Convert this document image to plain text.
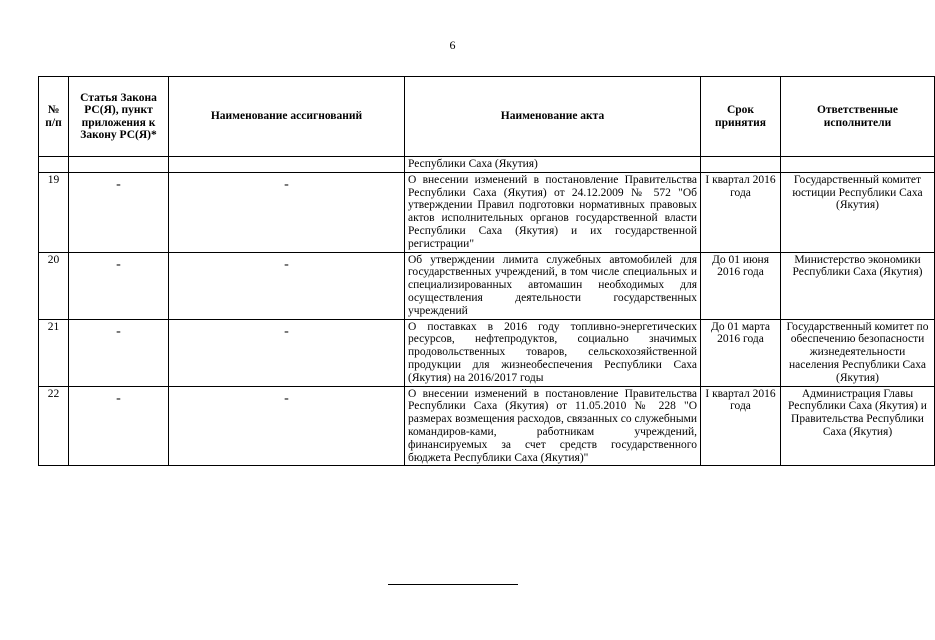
6
№ п/п	Статья Закона РС(Я), пункт приложения к Закону РС(Я)*	Наименование ассигнований	Наименование акта	Срок принятия	Ответственные исполнители
			Республики Саха (Якутия)		
19	-	-	О внесении изменений в постановление Правительства Республики Саха (Якутия) от 24.12.2009 № 572 "Об утверждении Правил подготовки нормативных правовых актов исполнительных органов государственной власти Республики Саха (Якутия) и их государственной регистрации"	I квартал 2016 года	Государственный комитет юстиции Республики Саха (Якутия)
20	-	-	Об утверждении лимита служебных автомобилей для государственных учреждений, в том числе специальных и специализированных автомашин необходимых для осуществления деятельности государственных учреждений	До 01 июня 2016 года	Министерство экономики Республики Саха (Якутия)
21	-	-	О поставках в 2016 году топливно-энергетических ресурсов, нефтепродуктов, социально значимых продовольственных товаров, сельскохозяйственной продукции для жизнеобеспечения Республики Саха (Якутия) на 2016/2017 годы	До 01 марта 2016 года	Государственный комитет по обеспечению безопасности жизнедеятельности населения Республики Саха (Якутия)
22	-	-	О внесении изменений в постановление Правительства Республики Саха (Якутия) от 11.05.2010 № 228 "О размерах возмещения расходов, связанных со служебными командиров-ками, работникам учреждений, финансируемых за счет средств государственного бюджета Республики Саха (Якутия)"	I квартал 2016 года	Администрация Главы Республики Саха (Якутия) и Правительства Республики Саха (Якутия)
